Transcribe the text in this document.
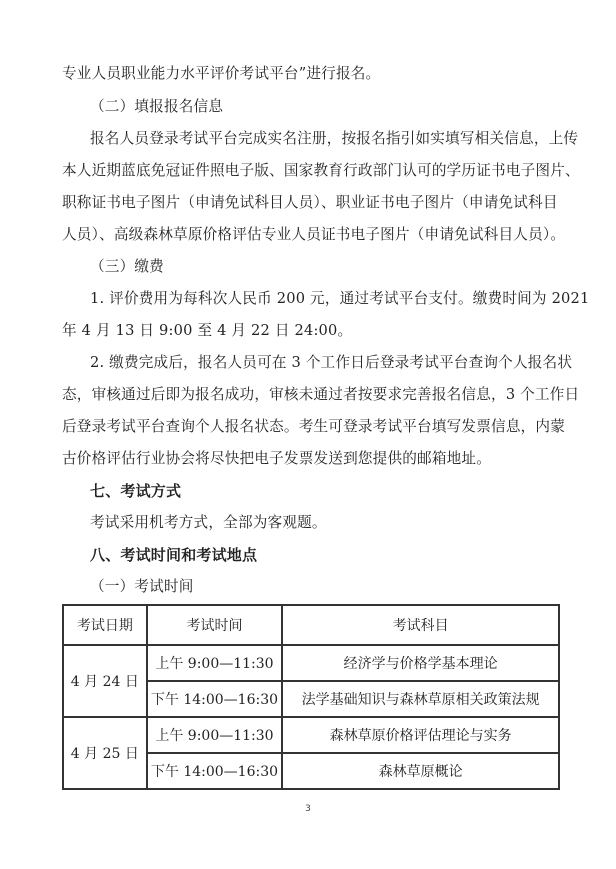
专业人员职业能力水平评价考试平台”进行报名。
（二）填报报名信息
报名人员登录考试平台完成实名注册，按报名指引如实填写相关信息，上传
本人近期蓝底免冠证件照电子版、国家教育行政部门认可的学历证书电子图片、
职称证书电子图片（申请免试科目人员）、职业证书电子图片（申请免试科目
人员）、高级森林草原价格评估专业人员证书电子图片（申请免试科目人员）。
（三）缴费
1. 评价费用为每科次人民币 200 元，通过考试平台支付。缴费时间为 2021
年 4 月 13 日 9:00 至 4 月 22 日 24:00。
2. 缴费完成后，报名人员可在 3 个工作日后登录考试平台查询个人报名状
态，审核通过后即为报名成功，审核未通过者按要求完善报名信息，3 个工作日
后登录考试平台查询个人报名状态。考生可登录考试平台填写发票信息，内蒙
古价格评估行业协会将尽快把电子发票发送到您提供的邮箱地址。
七、考试方式
考试采用机考方式，全部为客观题。
八、考试时间和考试地点
（一）考试时间
考试日期	考试时间	考试科目
4 月 24 日	上午 9:00—11:30	经济学与价格学基本理论
	下午 14:00—16:30	法学基础知识与森林草原相关政策法规
4 月 25 日	上午 9:00—11:30	森林草原价格评估理论与实务
	下午 14:00—16:30	森林草原概论
3
